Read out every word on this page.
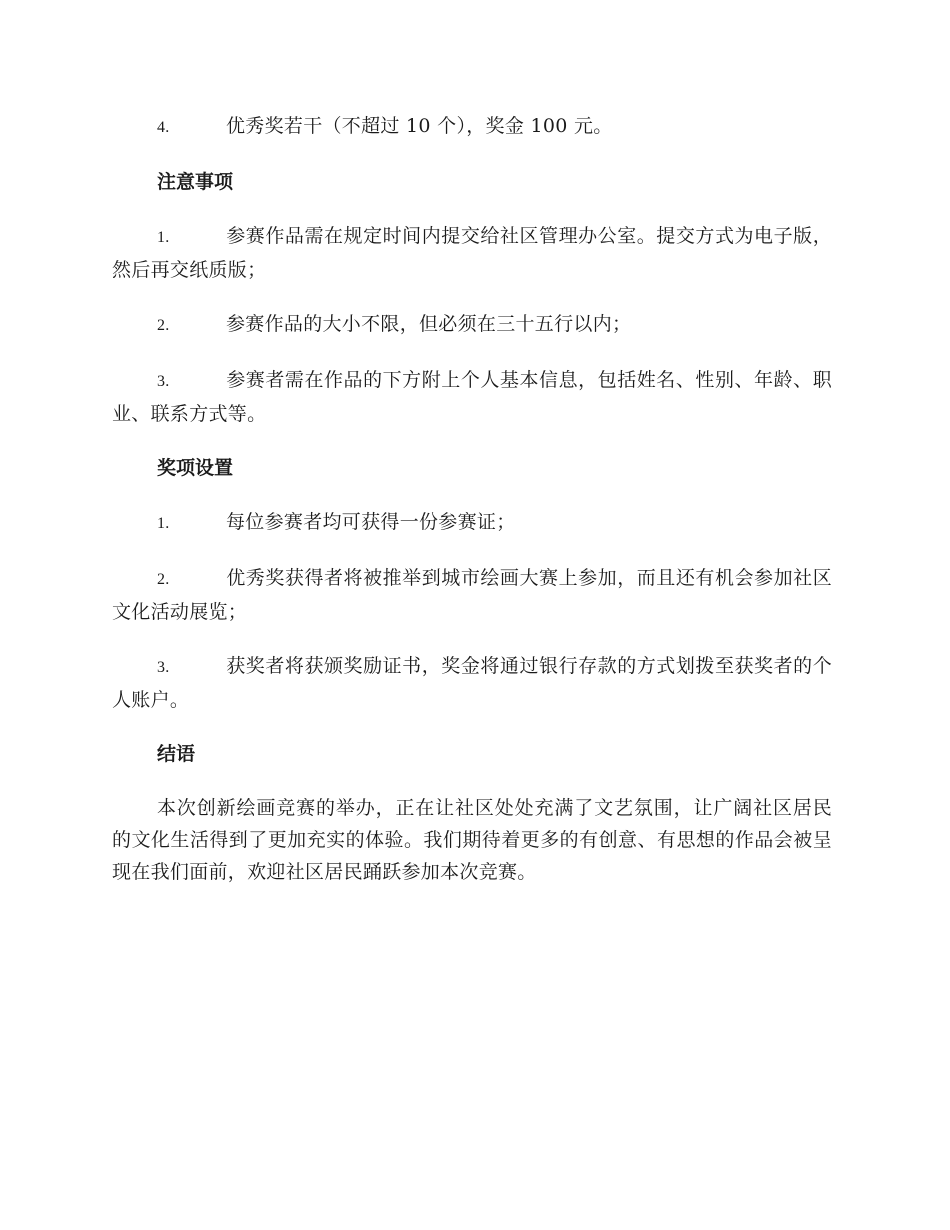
4.	优秀奖若干（不超过 10 个），奖金 100 元。

注意事项

1.	参赛作品需在规定时间内提交给社区管理办公室。提交方式为电子版，然后再交纸质版；

2.	参赛作品的大小不限，但必须在三十五行以内；

3.	参赛者需在作品的下方附上个人基本信息，包括姓名、性别、年龄、职业、联系方式等。

奖项设置

1.	每位参赛者均可获得一份参赛证；

2.	优秀奖获得者将被推举到城市绘画大赛上参加，而且还有机会参加社区文化活动展览；

3.	获奖者将获颁奖励证书，奖金将通过银行存款的方式划拨至获奖者的个人账户。

结语

本次创新绘画竞赛的举办，正在让社区处处充满了文艺氛围，让广阔社区居民的文化生活得到了更加充实的体验。我们期待着更多的有创意、有思想的作品会被呈现在我们面前，欢迎社区居民踊跃参加本次竞赛。
